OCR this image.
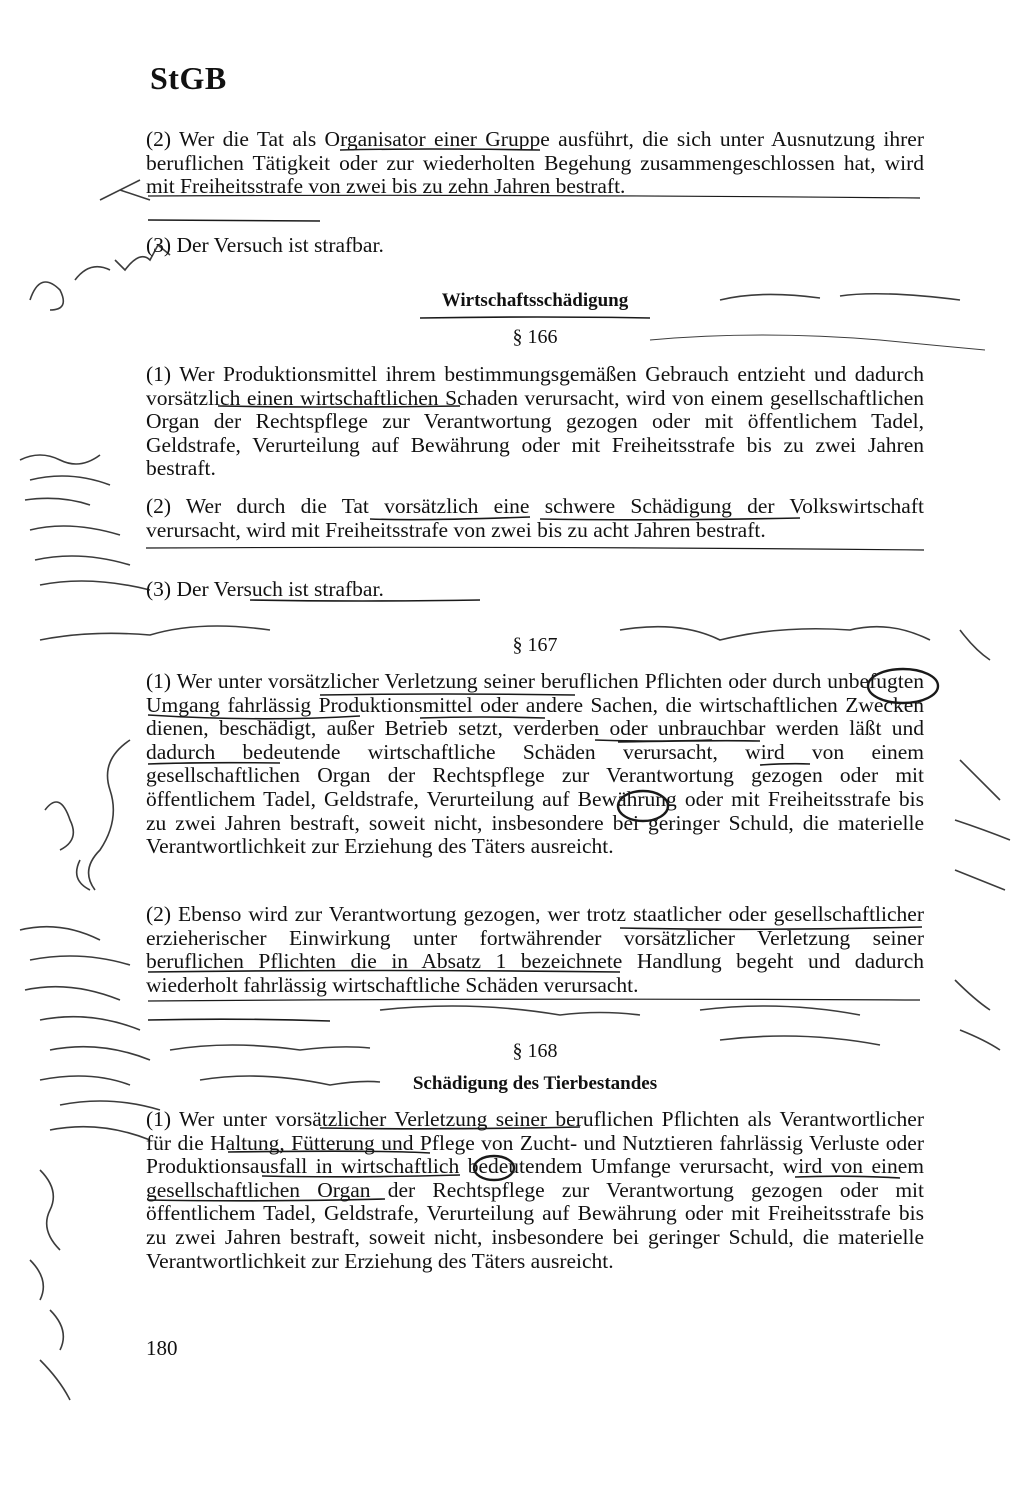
StGB

(2) Wer die Tat als Organisator einer Gruppe ausführt, die sich unter Ausnutzung ihrer beruflichen Tätigkeit oder zur wiederholten Begehung zusammengeschlossen hat, wird mit Freiheitsstrafe von zwei bis zu zehn Jahren bestraft.

(3) Der Versuch ist strafbar.

Wirtschaftsschädigung
§ 166

(1) Wer Produktionsmittel ihrem bestimmungsgemäßen Gebrauch entzieht und dadurch vorsätzlich einen wirtschaftlichen Schaden verursacht, wird von einem gesellschaftlichen Organ der Rechtspflege zur Verantwortung gezogen oder mit öffentlichem Tadel, Geldstrafe, Verurteilung auf Bewährung oder mit Freiheitsstrafe bis zu zwei Jahren bestraft.

(2) Wer durch die Tat vorsätzlich eine schwere Schädigung der Volkswirtschaft verursacht, wird mit Freiheitsstrafe von zwei bis zu acht Jahren bestraft.

(3) Der Versuch ist strafbar.

§ 167

(1) Wer unter vorsätzlicher Verletzung seiner beruflichen Pflichten oder durch unbefugten Umgang fahrlässig Produktionsmittel oder andere Sachen, die wirtschaftlichen Zwecken dienen, beschädigt, außer Betrieb setzt, verderben oder unbrauchbar werden läßt und dadurch bedeutende wirtschaftliche Schäden verursacht, wird von einem gesellschaftlichen Organ der Rechtspflege zur Verantwortung gezogen oder mit öffentlichem Tadel, Geldstrafe, Verurteilung auf Bewährung oder mit Freiheitsstrafe bis zu zwei Jahren bestraft, soweit nicht, insbesondere bei geringer Schuld, die materielle Verantwortlichkeit zur Erziehung des Täters ausreicht.

(2) Ebenso wird zur Verantwortung gezogen, wer trotz staatlicher oder gesellschaftlicher erzieherischer Einwirkung unter fortwährender vorsätzlicher Verletzung seiner beruflichen Pflichten die in Absatz 1 bezeichnete Handlung begeht und dadurch wiederholt fahrlässig wirtschaftliche Schäden verursacht.

§ 168
Schädigung des Tierbestandes

(1) Wer unter vorsätzlicher Verletzung seiner beruflichen Pflichten als Verantwortlicher für die Haltung, Fütterung und Pflege von Zucht- und Nutztieren fahrlässig Verluste oder Produktionsausfall in wirtschaftlich bedeutendem Umfange verursacht, wird von einem gesellschaftlichen Organ der Rechtspflege zur Verantwortung gezogen oder mit öffentlichem Tadel, Geldstrafe, Verurteilung auf Bewährung oder mit Freiheitsstrafe bis zu zwei Jahren bestraft, soweit nicht, insbesondere bei geringer Schuld, die materielle Verantwortlichkeit zur Erziehung des Täters ausreicht.

180
